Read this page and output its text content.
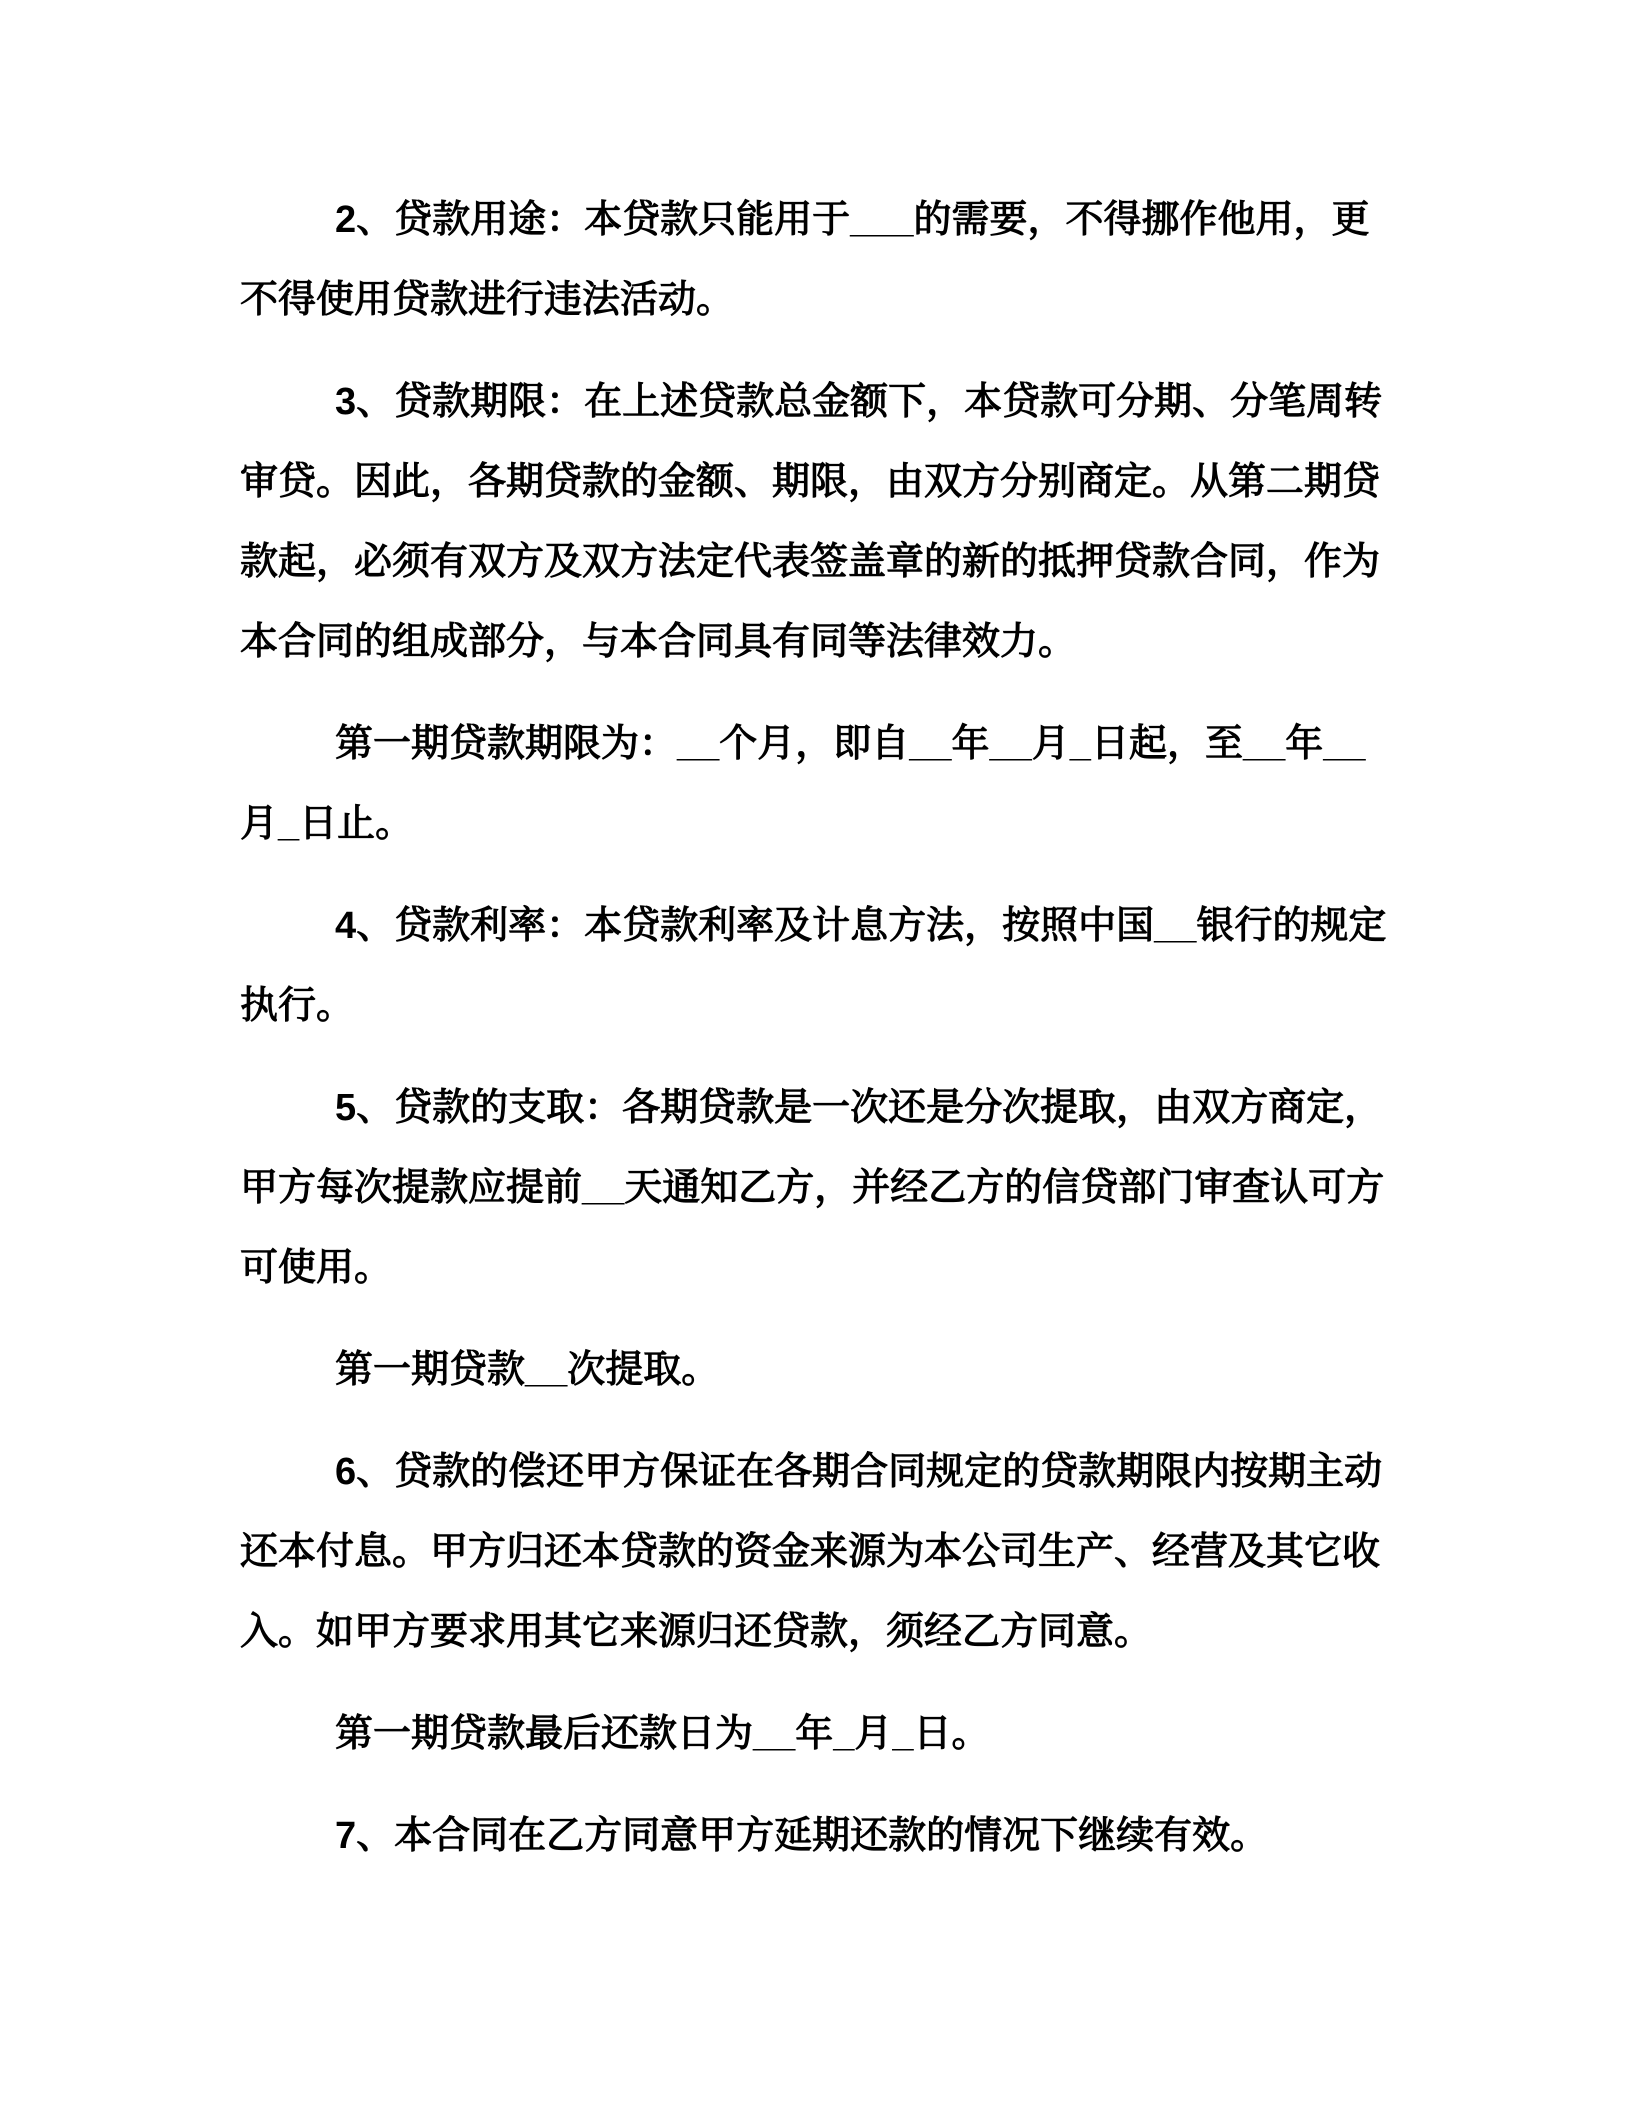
2、贷款用途：本贷款只能用于___的需要，不得挪作他用，更不得使用贷款进行违法活动。

3、贷款期限：在上述贷款总金额下，本贷款可分期、分笔周转审贷。因此，各期贷款的金额、期限，由双方分别商定。从第二期贷款起，必须有双方及双方法定代表签盖章的新的抵押贷款合同，作为本合同的组成部分，与本合同具有同等法律效力。

第一期贷款期限为：__个月，即自__年__月_日起，至__年__月_日止。

4、贷款利率：本贷款利率及计息方法，按照中国__银行的规定执行。

5、贷款的支取：各期贷款是一次还是分次提取，由双方商定，甲方每次提款应提前__天通知乙方，并经乙方的信贷部门审查认可方可使用。

第一期贷款__次提取。

6、贷款的偿还甲方保证在各期合同规定的贷款期限内按期主动还本付息。甲方归还本贷款的资金来源为本公司生产、经营及其它收入。如甲方要求用其它来源归还贷款，须经乙方同意。

第一期贷款最后还款日为__年_月_日。

7、本合同在乙方同意甲方延期还款的情况下继续有效。
